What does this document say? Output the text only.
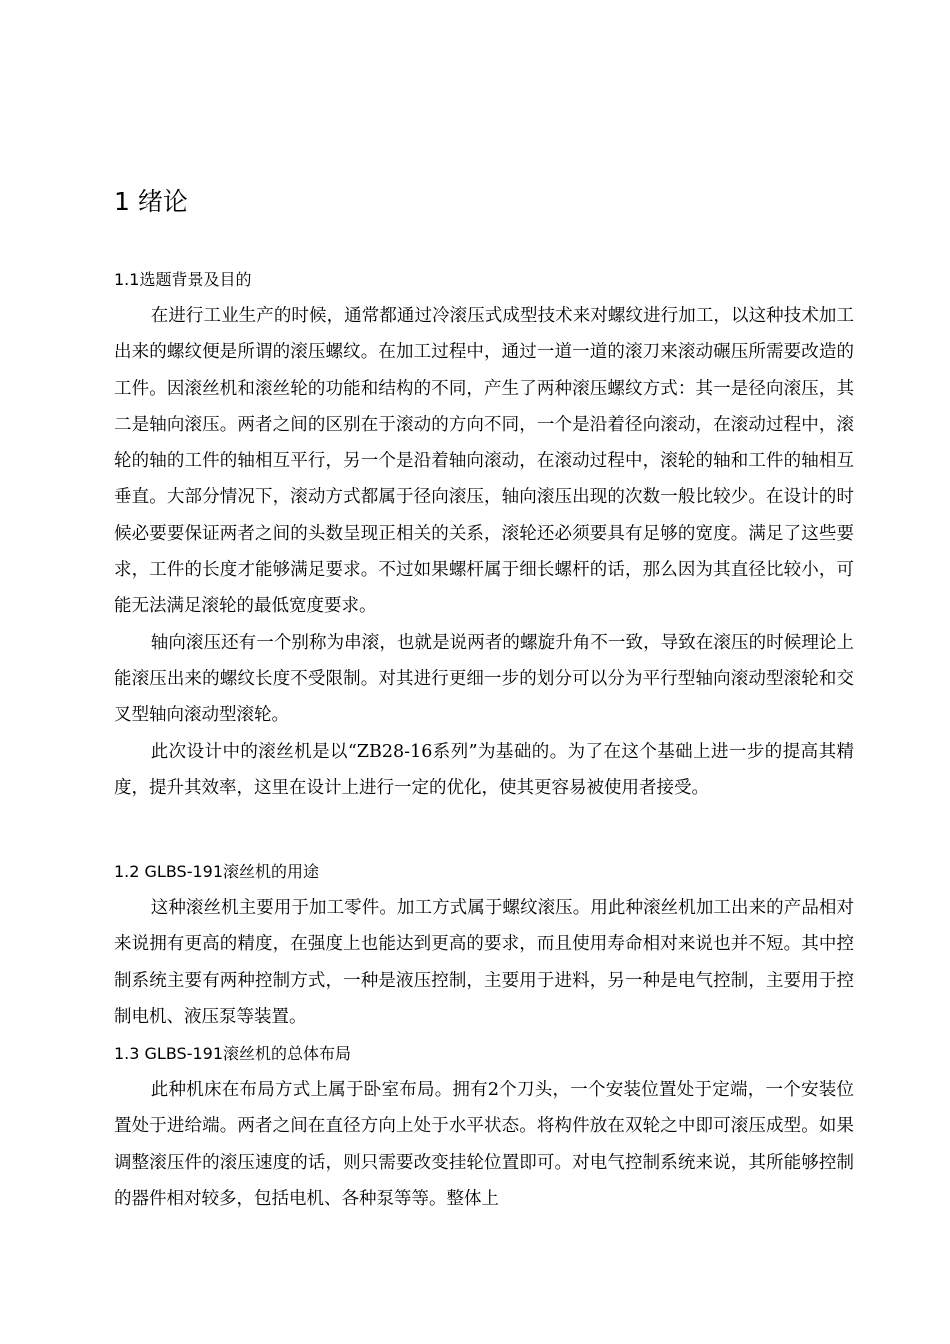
1 绪论
1.1选题背景及目的

在进行工业生产的时候，通常都通过冷滚压式成型技术来对螺纹进行加工，以这种技术加工出来的螺纹便是所谓的滚压螺纹。在加工过程中，通过一道一道的滚刀来滚动碾压所需要改造的工件。因滚丝机和滚丝轮的功能和结构的不同，产生了两种滚压螺纹方式：其一是径向滚压，其二是轴向滚压。两者之间的区别在于滚动的方向不同，一个是沿着径向滚动，在滚动过程中，滚轮的轴的工件的轴相互平行，另一个是沿着轴向滚动，在滚动过程中，滚轮的轴和工件的轴相互垂直。大部分情况下，滚动方式都属于径向滚压，轴向滚压出现的次数一般比较少。在设计的时候必要要保证两者之间的头数呈现正相关的关系，滚轮还必须要具有足够的宽度。满足了这些要求，工件的长度才能够满足要求。不过如果螺杆属于细长螺杆的话，那么因为其直径比较小，可能无法满足滚轮的最低宽度要求。

轴向滚压还有一个别称为串滚，也就是说两者的螺旋升角不一致，导致在滚压的时候理论上能滚压出来的螺纹长度不受限制。对其进行更细一步的划分可以分为平行型轴向滚动型滚轮和交叉型轴向滚动型滚轮。

此次设计中的滚丝机是以“ZB28-16系列”为基础的。为了在这个基础上进一步的提高其精度，提升其效率，这里在设计上进行一定的优化，使其更容易被使用者接受。

1.2 GLBS-191滚丝机的用途

这种滚丝机主要用于加工零件。加工方式属于螺纹滚压。用此种滚丝机加工出来的产品相对来说拥有更高的精度，在强度上也能达到更高的要求，而且使用寿命相对来说也并不短。其中控制系统主要有两种控制方式，一种是液压控制，主要用于进料，另一种是电气控制，主要用于控制电机、液压泵等装置。

1.3 GLBS-191滚丝机的总体布局

此种机床在布局方式上属于卧室布局。拥有2个刀头，一个安装位置处于定端，一个安装位置处于进给端。两者之间在直径方向上处于水平状态。将构件放在双轮之中即可滚压成型。如果调整滚压件的滚压速度的话，则只需要改变挂轮位置即可。对电气控制系统来说，其所能够控制的器件相对较多，包括电机、各种泵等等。整体上
